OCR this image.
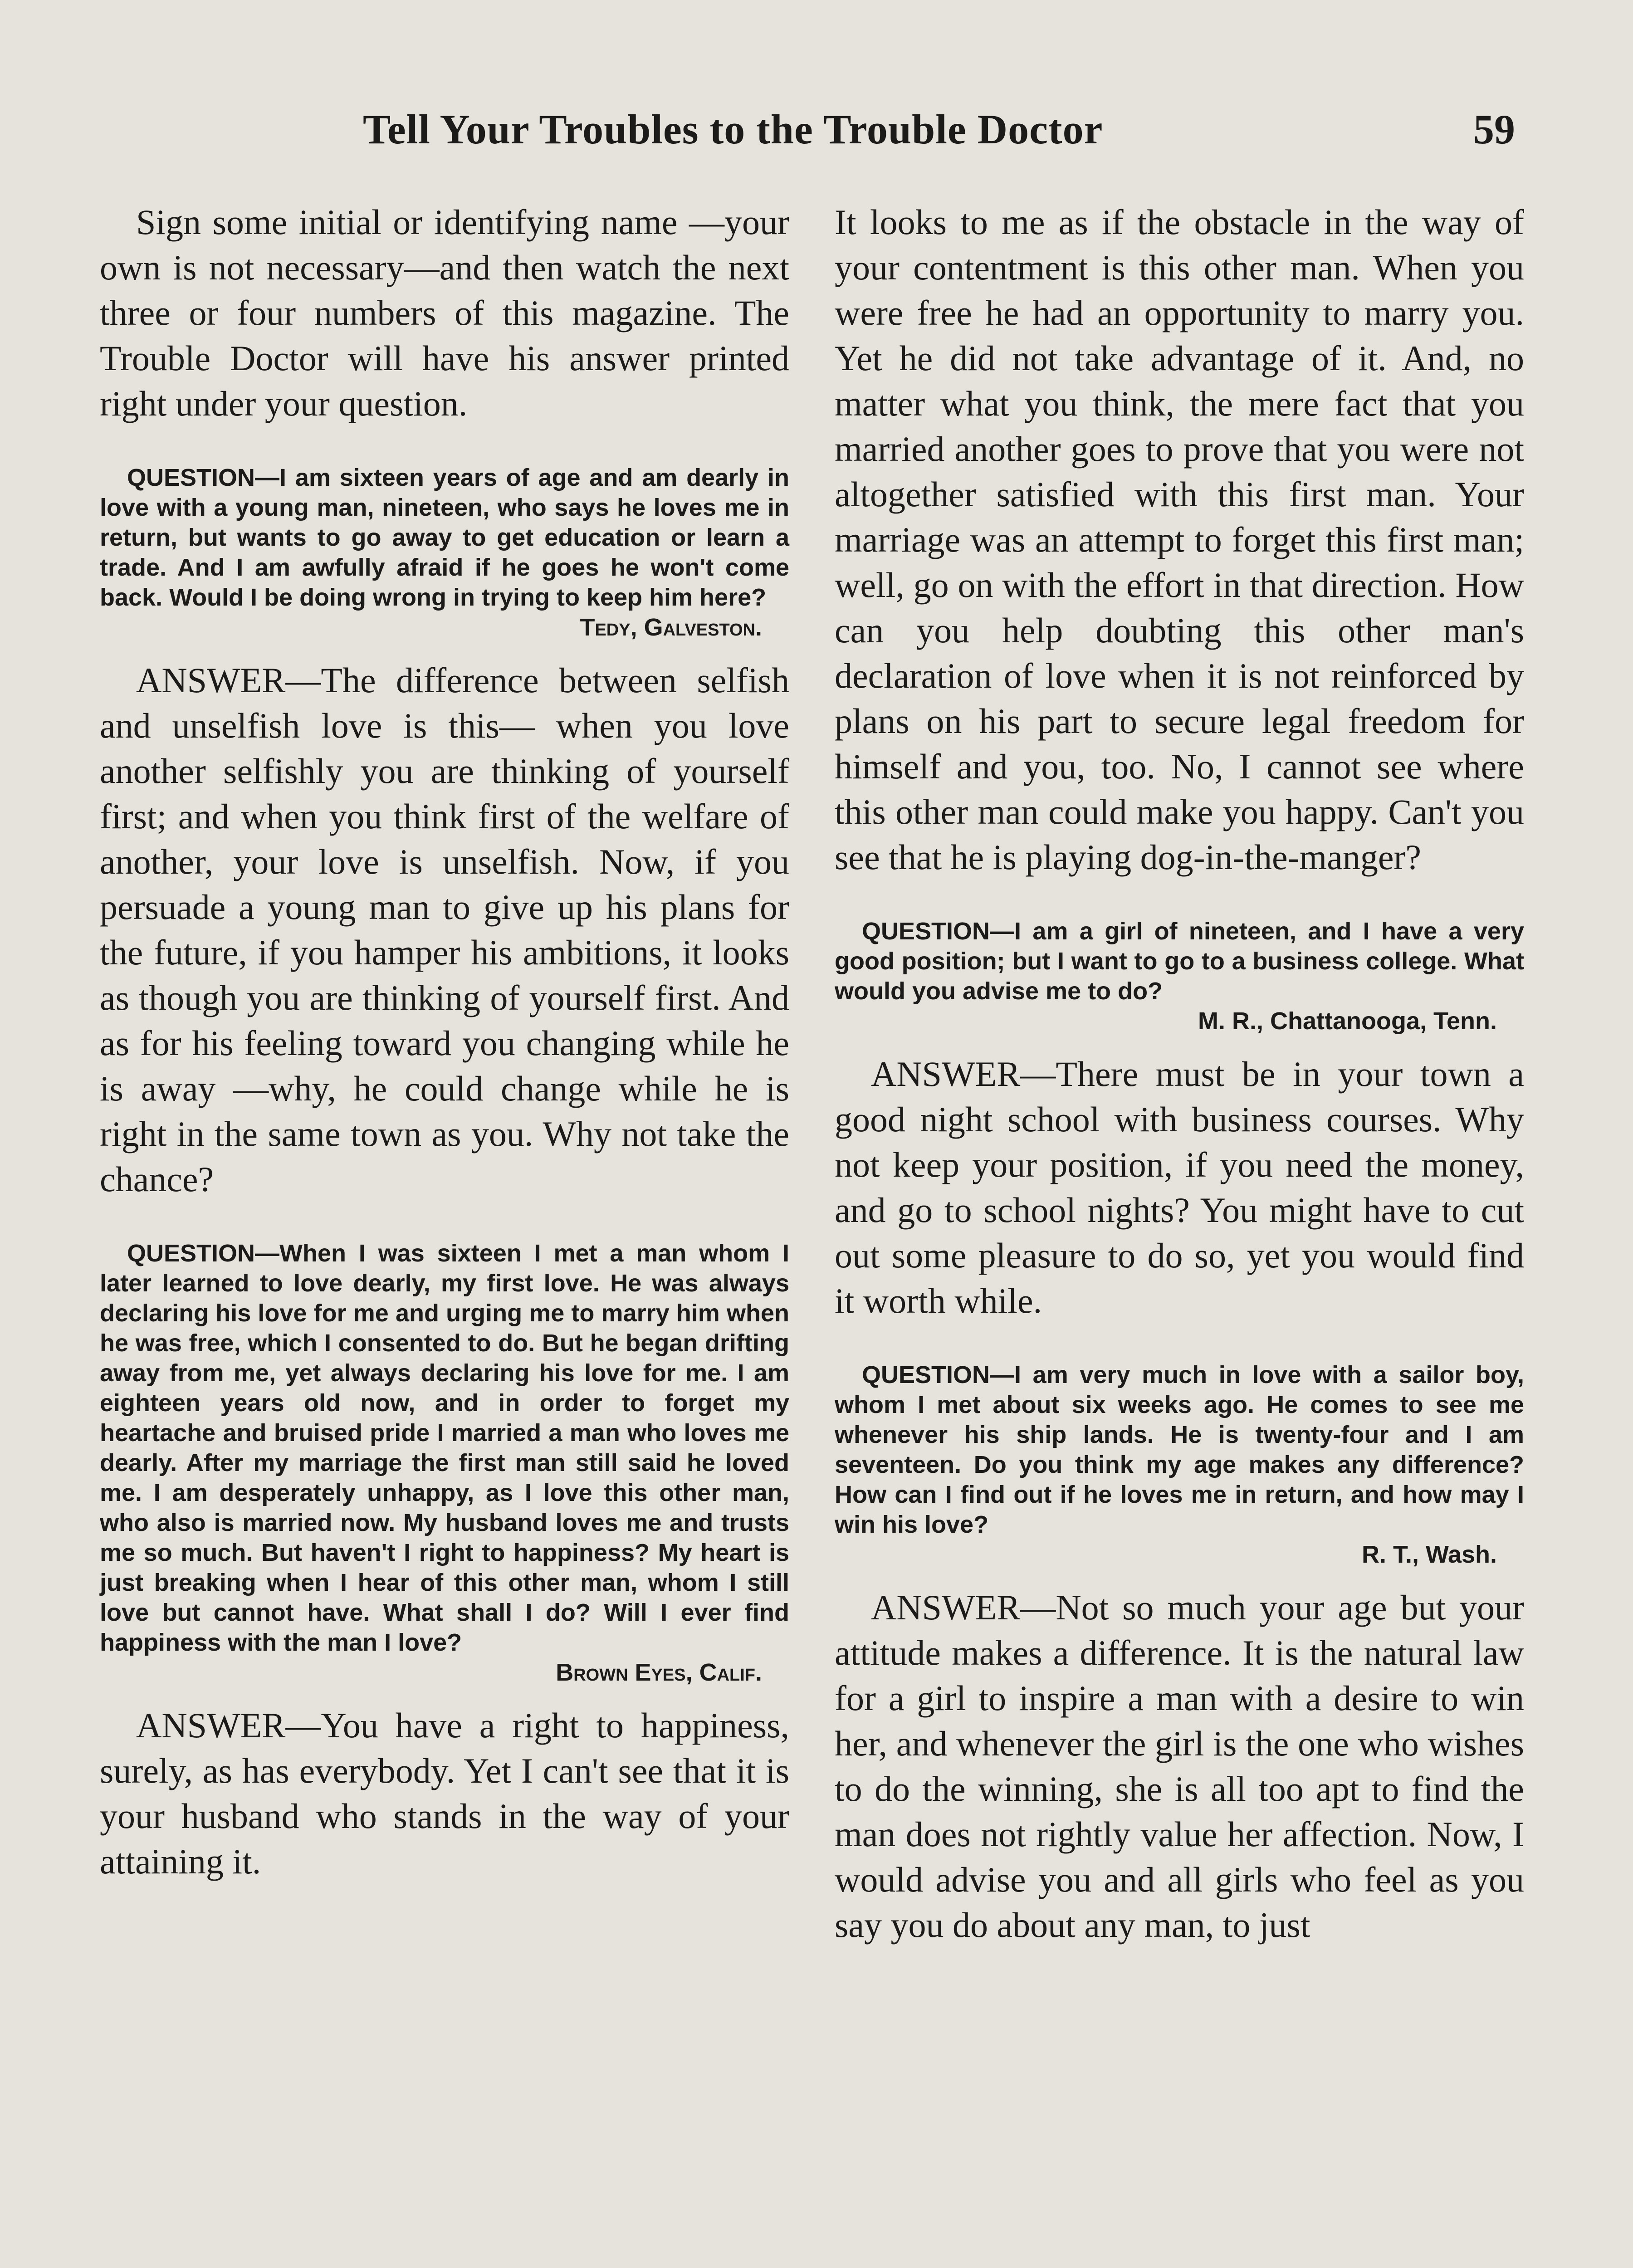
Tell Your Troubles to the Trouble Doctor	59

Sign some initial or identifying name —your own is not necessary—and then watch the next three or four numbers of this magazine. The Trouble Doctor will have his answer printed right under your question.

QUESTION—I am sixteen years of age and am dearly in love with a young man, nineteen, who says he loves me in return, but wants to go away to get education or learn a trade. And I am awfully afraid if he goes he won't come back. Would I be doing wrong in trying to keep him here?

Tedy, Galveston.

ANSWER—The difference between selfish and unselfish love is this— when you love another selfishly you are thinking of yourself first; and when you think first of the welfare of another, your love is unselfish. Now, if you persuade a young man to give up his plans for the future, if you hamper his ambitions, it looks as though you are thinking of yourself first. And as for his feeling toward you changing while he is away —why, he could change while he is right in the same town as you. Why not take the chance?

QUESTION—When I was sixteen I met a man whom I later learned to love dearly, my first love. He was always declaring his love for me and urging me to marry him when he was free, which I consented to do. But he began drifting away from me, yet always declaring his love for me. I am eighteen years old now, and in order to forget my heartache and bruised pride I married a man who loves me dearly. After my marriage the first man still said he loved me. I am desperately unhappy, as I love this other man, who also is married now. My husband loves me and trusts me so much. But haven't I right to happiness? My heart is just breaking when I hear of this other man, whom I still love but cannot have. What shall I do? Will I ever find happiness with the man I love?

Brown Eyes, Calif.

ANSWER—You have a right to happiness, surely, as has everybody. Yet I can't see that it is your husband who stands in the way of your attaining it.

It looks to me as if the obstacle in the way of your contentment is this other man. When you were free he had an opportunity to marry you. Yet he did not take advantage of it. And, no matter what you think, the mere fact that you married another goes to prove that you were not altogether satisfied with this first man. Your marriage was an attempt to forget this first man; well, go on with the effort in that direction. How can you help doubting this other man's declaration of love when it is not reinforced by plans on his part to secure legal freedom for himself and you, too. No, I cannot see where this other man could make you happy. Can't you see that he is playing dog-in-the-manger?

QUESTION—I am a girl of nineteen, and I have a very good position; but I want to go to a business college. What would you advise me to do?

M. R., Chattanooga, Tenn.

ANSWER—There must be in your town a good night school with business courses. Why not keep your position, if you need the money, and go to school nights? You might have to cut out some pleasure to do so, yet you would find it worth while.

QUESTION—I am very much in love with a sailor boy, whom I met about six weeks ago. He comes to see me whenever his ship lands. He is twenty-four and I am seventeen. Do you think my age makes any difference? How can I find out if he loves me in return, and how may I win his love?

R. T., Wash.

ANSWER—Not so much your age but your attitude makes a difference. It is the natural law for a girl to inspire a man with a desire to win her, and whenever the girl is the one who wishes to do the winning, she is all too apt to find the man does not rightly value her affection. Now, I would advise you and all girls who feel as you say you do about any man, to just
